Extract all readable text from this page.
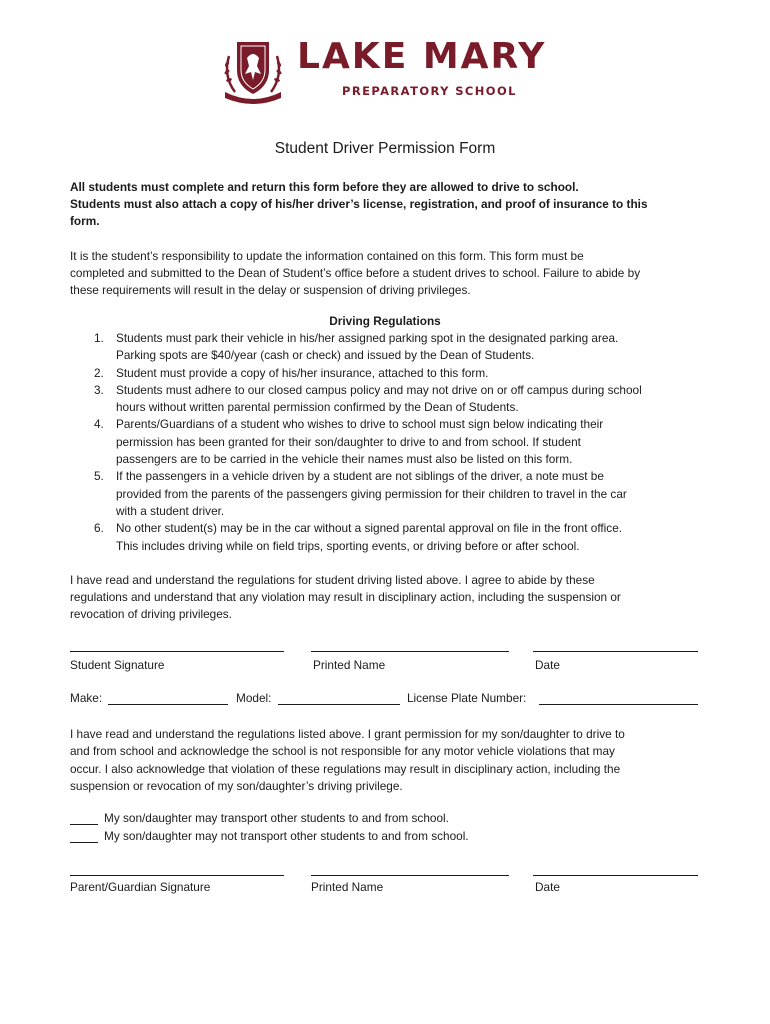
LAKE MARY
PREPARATORY SCHOOL
Student Driver Permission Form
All students must complete and return this form before they are allowed to drive to school.
Students must also attach a copy of his/her driver’s license, registration, and proof of insurance to this
form.
It is the student’s responsibility to update the information contained on this form. This form must be
completed and submitted to the Dean of Student’s office before a student drives to school. Failure to abide by
these requirements will result in the delay or suspension of driving privileges.
Driving Regulations
1. Students must park their vehicle in his/her assigned parking spot in the designated parking area.
Parking spots are $40/year (cash or check) and issued by the Dean of Students.
2. Student must provide a copy of his/her insurance, attached to this form.
3. Students must adhere to our closed campus policy and may not drive on or off campus during school
hours without written parental permission confirmed by the Dean of Students.
4. Parents/Guardians of a student who wishes to drive to school must sign below indicating their
permission has been granted for their son/daughter to drive to and from school. If student
passengers are to be carried in the vehicle their names must also be listed on this form.
5. If the passengers in a vehicle driven by a student are not siblings of the driver, a note must be
provided from the parents of the passengers giving permission for their children to travel in the car
with a student driver.
6. No other student(s) may be in the car without a signed parental approval on file in the front office.
This includes driving while on field trips, sporting events, or driving before or after school.
I have read and understand the regulations for student driving listed above. I agree to abide by these
regulations and understand that any violation may result in disciplinary action, including the suspension or
revocation of driving privileges.
Student Signature	Printed Name	Date
Make:	Model:	License Plate Number:
I have read and understand the regulations listed above. I grant permission for my son/daughter to drive to
and from school and acknowledge the school is not responsible for any motor vehicle violations that may
occur. I also acknowledge that violation of these regulations may result in disciplinary action, including the
suspension or revocation of my son/daughter’s driving privilege.
My son/daughter may transport other students to and from school.
My son/daughter may not transport other students to and from school.
Parent/Guardian Signature	Printed Name	Date
